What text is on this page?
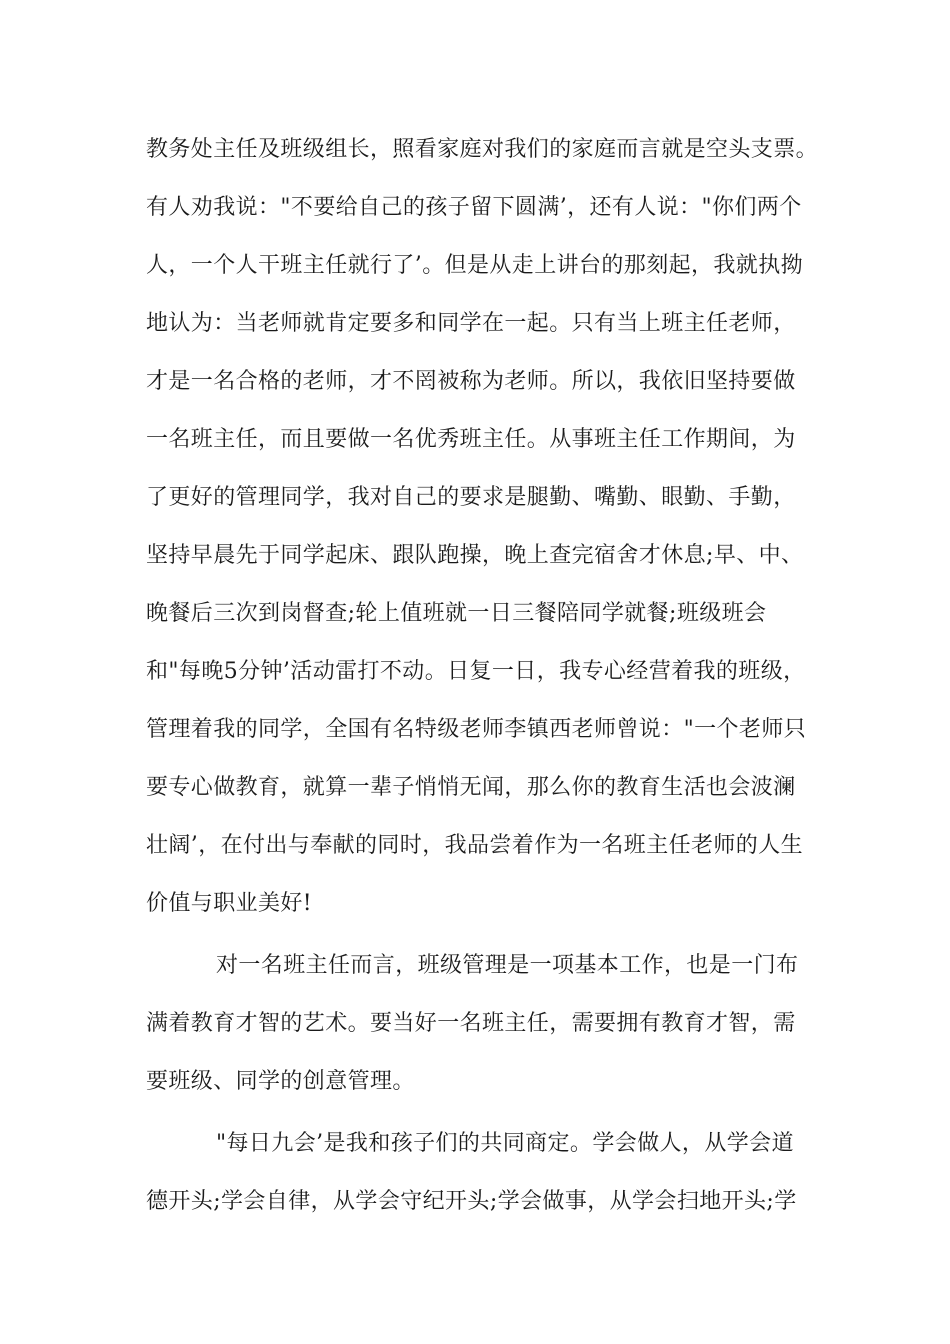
教务处主任及班级组长，照看家庭对我们的家庭而言就是空头支票。
有人劝我说："不要给自己的孩子留下圆满’，还有人说："你们两个
人，一个人干班主任就行了’。但是从走上讲台的那刻起，我就执拗
地认为：当老师就肯定要多和同学在一起。只有当上班主任老师，
才是一名合格的老师，才不罔被称为老师。所以，我依旧坚持要做
一名班主任，而且要做一名优秀班主任。从事班主任工作期间，为
了更好的管理同学，我对自己的要求是腿勤、嘴勤、眼勤、手勤，
坚持早晨先于同学起床、跟队跑操，晚上查完宿舍才休息;早、中、
晚餐后三次到岗督查;轮上值班就一日三餐陪同学就餐;班级班会
和"每晚5分钟’活动雷打不动。日复一日，我专心经营着我的班级，
管理着我的同学，全国有名特级老师李镇西老师曾说："一个老师只
要专心做教育，就算一辈子悄悄无闻，那么你的教育生活也会波澜
壮阔’，在付出与奉献的同时，我品尝着作为一名班主任老师的人生
价值与职业美好!
对一名班主任而言，班级管理是一项基本工作，也是一门布
满着教育才智的艺术。要当好一名班主任，需要拥有教育才智，需
要班级、同学的创意管理。
"每日九会’是我和孩子们的共同商定。学会做人，从学会道
德开头;学会自律，从学会守纪开头;学会做事，从学会扫地开头;学
